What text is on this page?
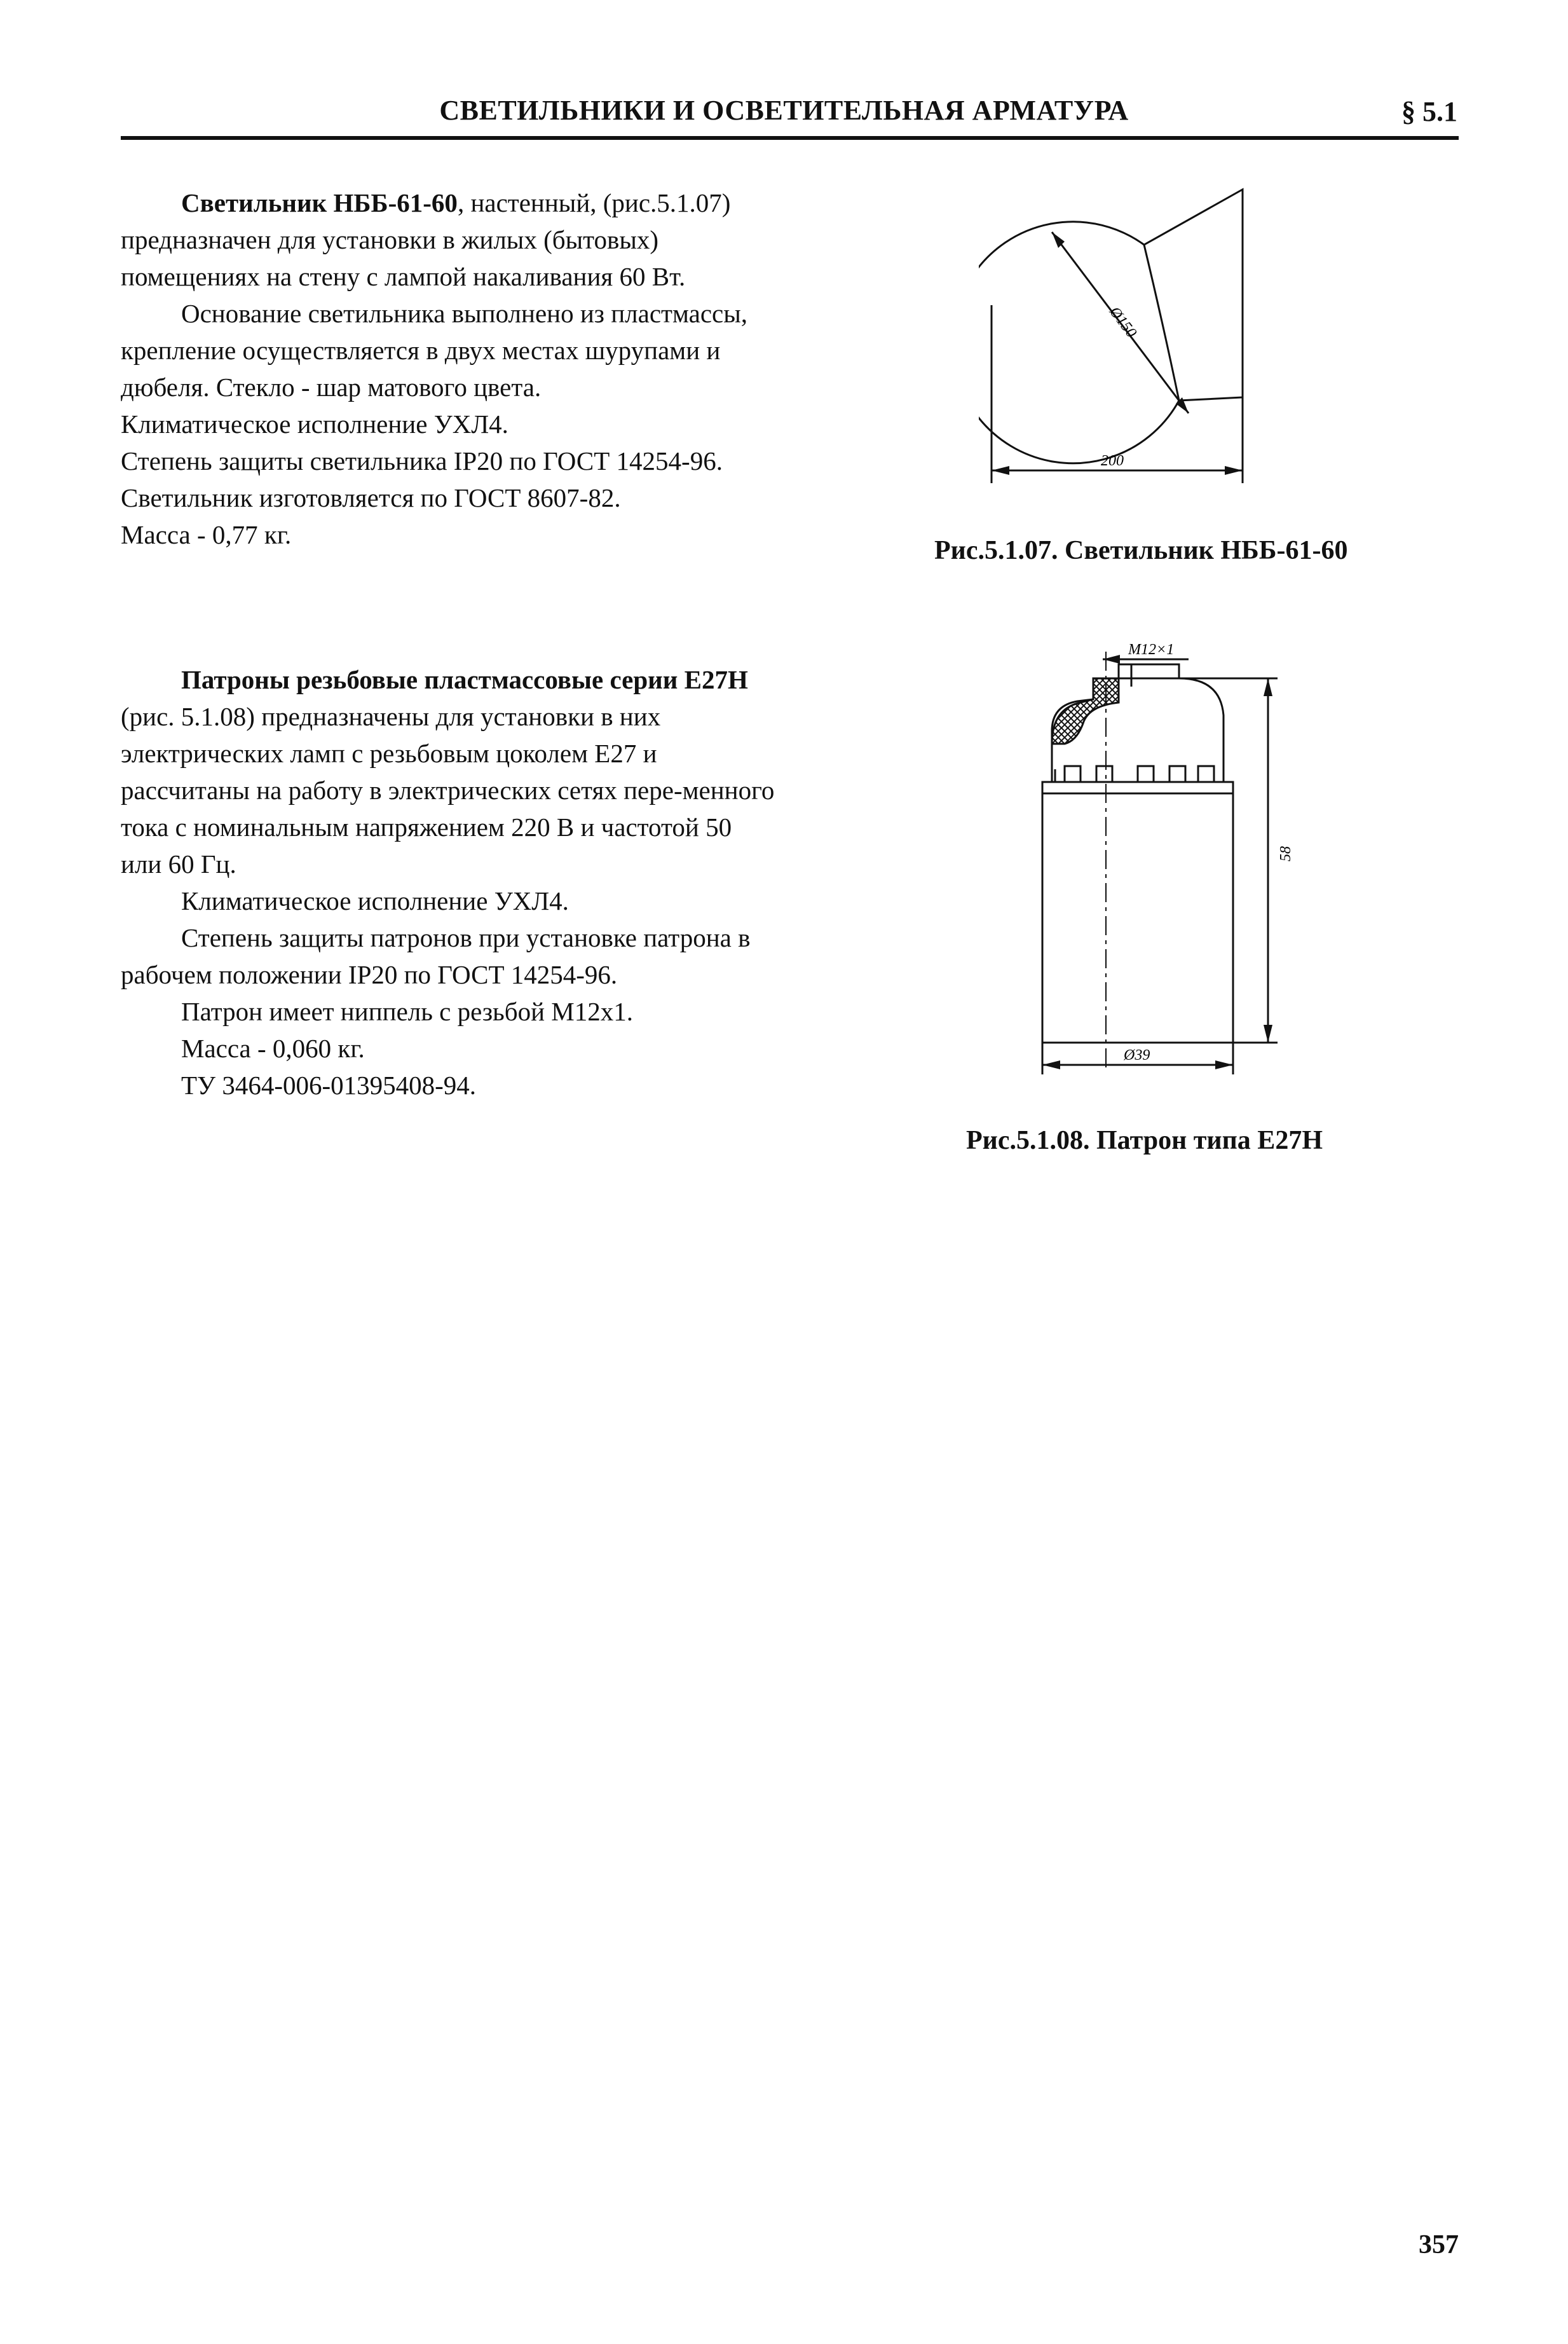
СВЕТИЛЬНИКИ И ОСВЕТИТЕЛЬНАЯ АРМАТУРА	§ 5.1

Светильник НББ-61-60, настенный, (рис.5.1.07) предназначен для установки в жилых (бытовых) помещениях на стену с лампой накаливания 60 Вт.

Основание светильника выполнено из пластмассы, крепление осуществляется в двух местах шурупами и дюбеля. Стекло - шар матового цвета.

Климатическое исполнение УХЛ4.

Степень защиты светильника IP20 по ГОСТ 14254-96.

Светильник изготовляется по ГОСТ 8607-82.

Масса - 0,77 кг.

Ø150
200
Рис.5.1.07. Светильник НББ-61-60

Патроны резьбовые пластмассовые серии Е27Н (рис. 5.1.08) предназначены для установки в них электрических ламп с резьбовым цоколем Е27 и рассчитаны на работу в электрических сетях пере-менного тока с номинальным напряжением 220 В и частотой 50 или 60 Гц.

Климатическое исполнение УХЛ4.

Степень защиты патронов при установке патрона в рабочем положении IP20 по ГОСТ 14254-96.

Патрон имеет ниппель с резьбой М12х1.

Масса - 0,060 кг.

ТУ 3464-006-01395408-94.

М12×1
58
Ø39
Рис.5.1.08. Патрон типа Е27Н
357
